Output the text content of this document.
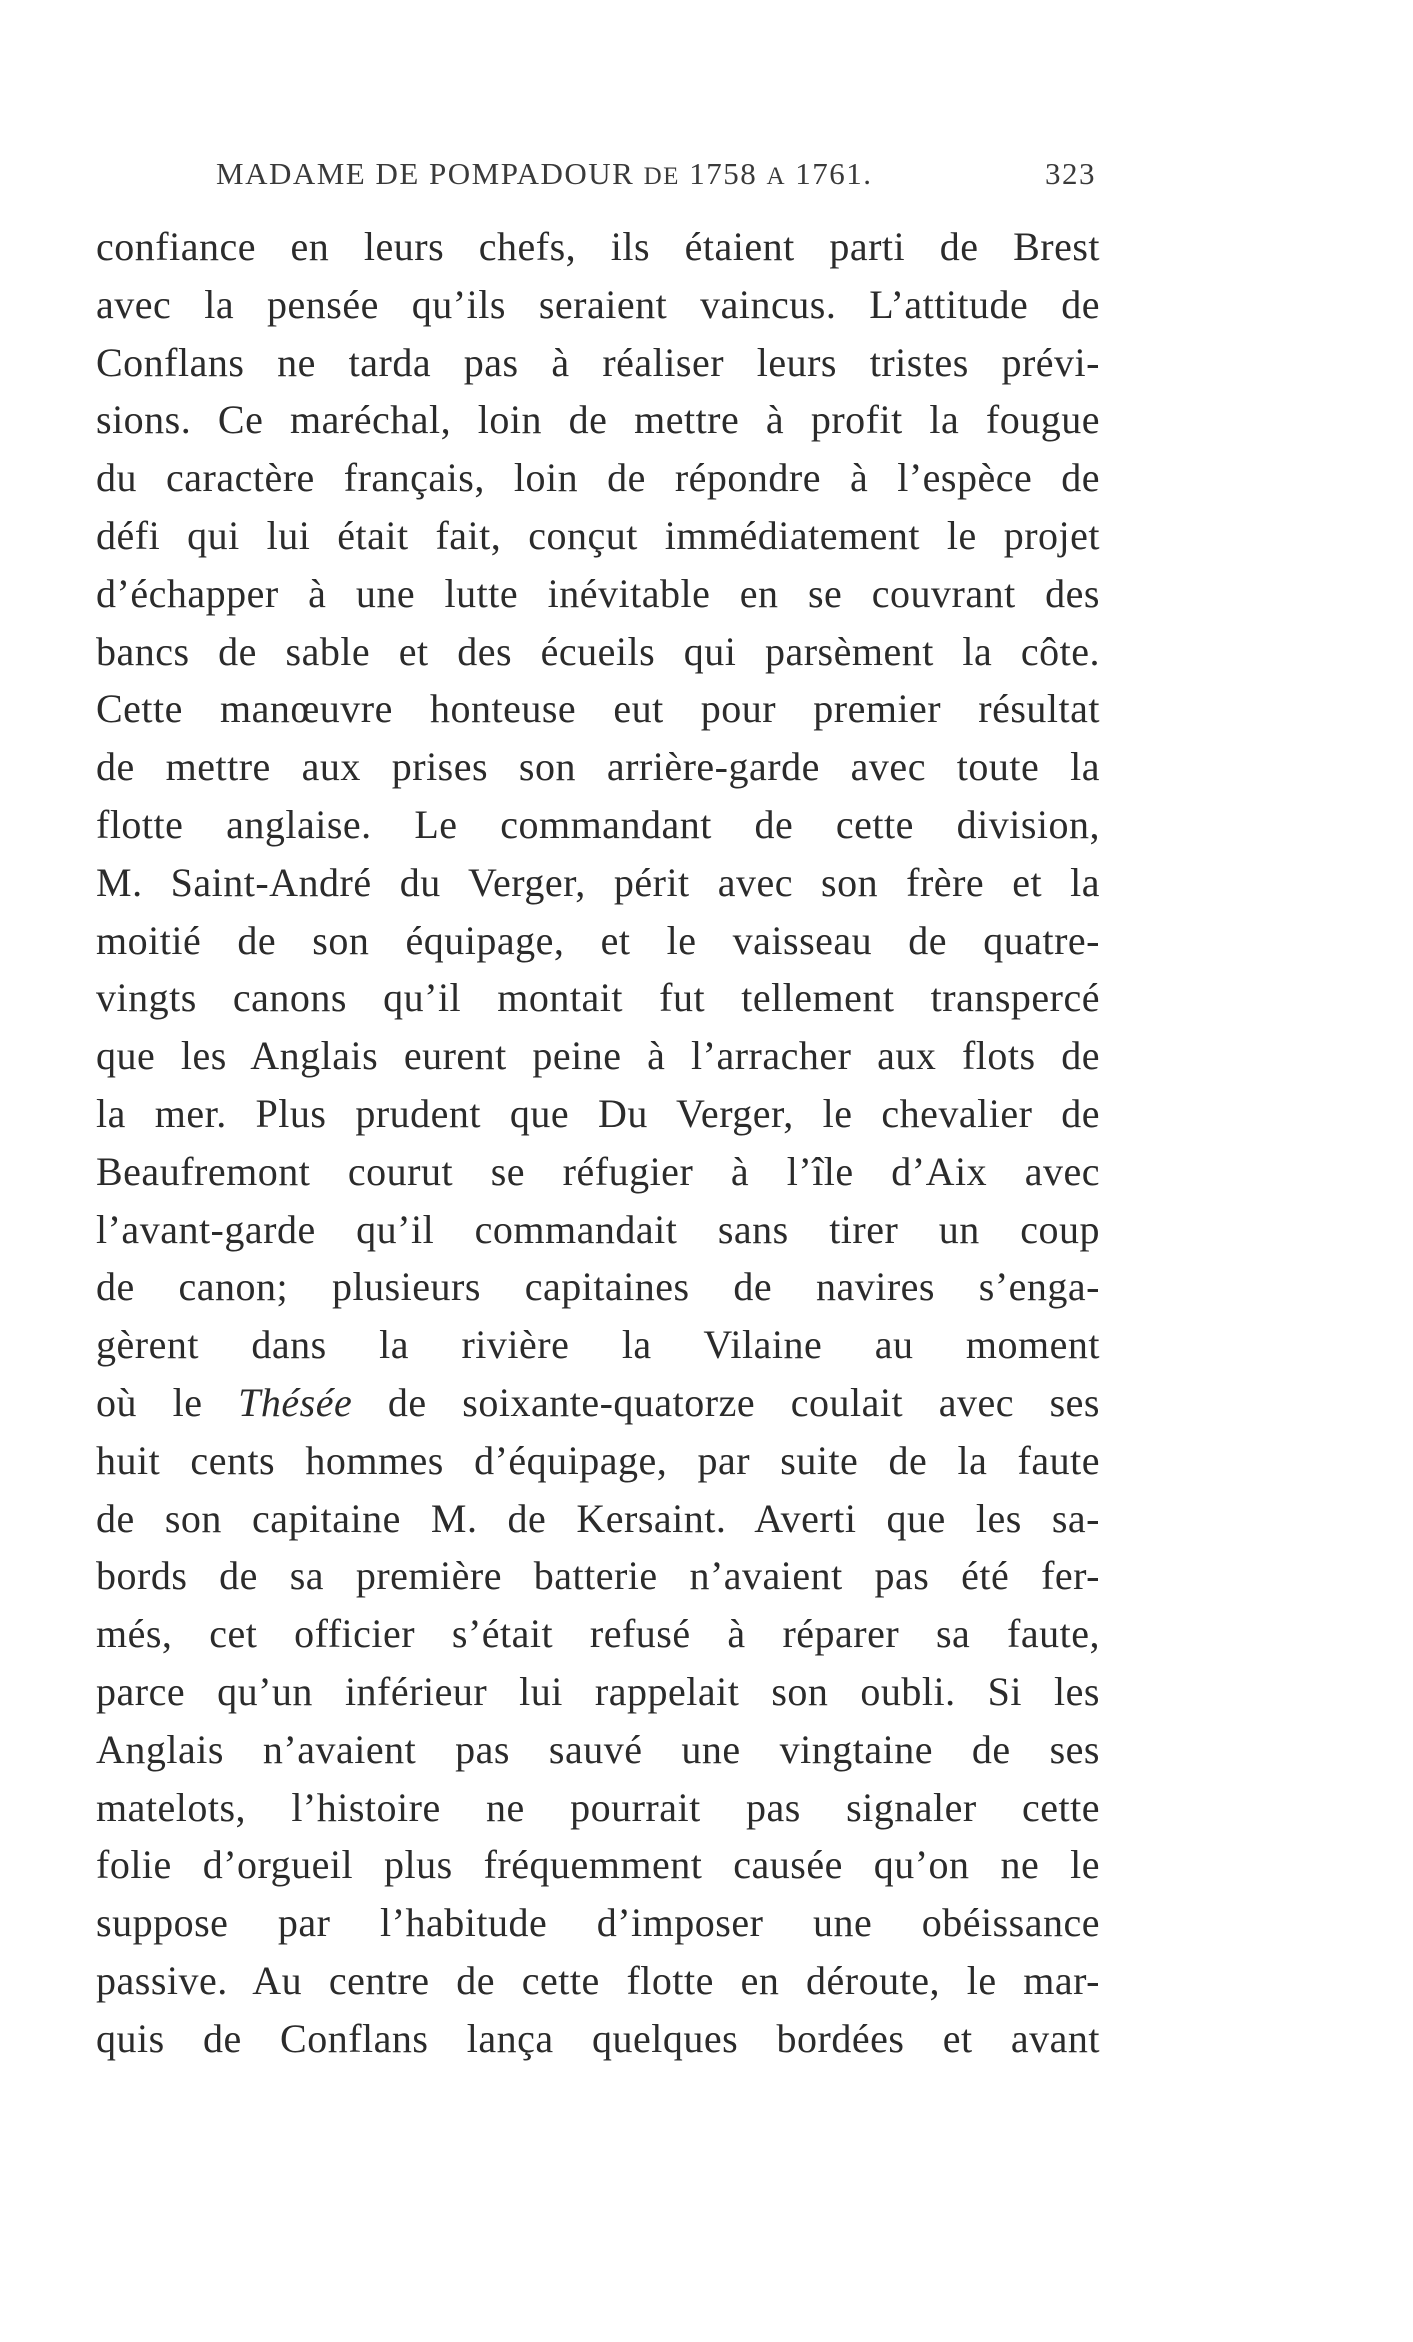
MADAME DE POMPADOUR DE 1758 A 1761.	323
confiance en leurs chefs, ils étaient parti de Brest
avec la pensée qu’ils seraient vaincus. L’attitude de
Conflans ne tarda pas à réaliser leurs tristes prévi-
sions. Ce maréchal, loin de mettre à profit la fougue
du caractère français, loin de répondre à l’espèce de
défi qui lui était fait, conçut immédiatement le projet
d’échapper à une lutte inévitable en se couvrant des
bancs de sable et des écueils qui parsèment la côte.
Cette manœuvre honteuse eut pour premier résultat
de mettre aux prises son arrière-garde avec toute la
flotte anglaise. Le commandant de cette division,
M. Saint-André du Verger, périt avec son frère et la
moitié de son équipage, et le vaisseau de quatre-
vingts canons qu’il montait fut tellement transpercé
que les Anglais eurent peine à l’arracher aux flots de
la mer. Plus prudent que Du Verger, le chevalier de
Beaufremont courut se réfugier à l’île d’Aix avec
l’avant-garde qu’il commandait sans tirer un coup
de canon; plusieurs capitaines de navires s’enga-
gèrent dans la rivière la Vilaine au moment
où le Thésée de soixante-quatorze coulait avec ses
huit cents hommes d’équipage, par suite de la faute
de son capitaine M. de Kersaint. Averti que les sa-
bords de sa première batterie n’avaient pas été fer-
més, cet officier s’était refusé à réparer sa faute,
parce qu’un inférieur lui rappelait son oubli. Si les
Anglais n’avaient pas sauvé une vingtaine de ses
matelots, l’histoire ne pourrait pas signaler cette
folie d’orgueil plus fréquemment causée qu’on ne le
suppose par l’habitude d’imposer une obéissance
passive. Au centre de cette flotte en déroute, le mar-
quis de Conflans lança quelques bordées et avant
